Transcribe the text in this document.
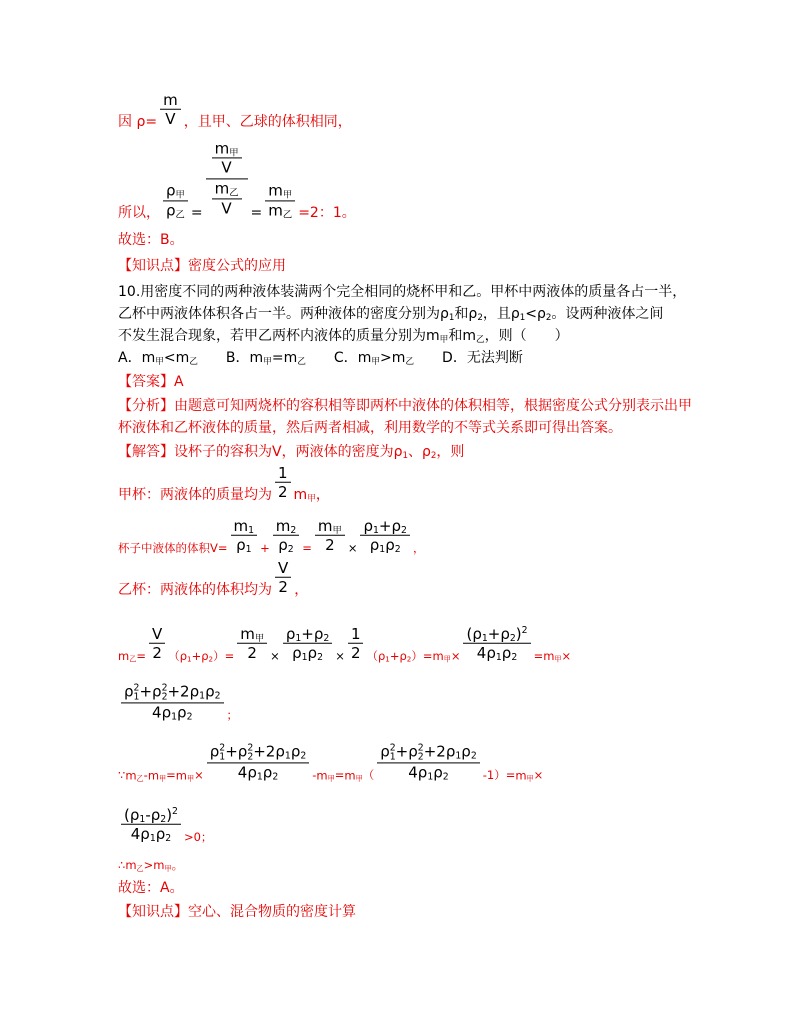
因 $\rho= \frac{m}{V}$ ，且甲、乙球的体积相同，
所以， $\frac{\text{ρ甲}}{\text{ρ乙}} = \frac{\frac{\text{m甲}}{V}}{\frac{\text{m乙}}{V}} = \frac{\text{m甲}}{\text{m乙}} =2$：1。
故选：B。
【知识点】密度公式的应用
10.用密度不同的两种液体装满两个完全相同的烧杯甲和乙。甲杯中两液体的质量各占一半，
乙杯中两液体体积各占一半。两种液体的密度分别为ρ1和ρ2，且ρ1<ρ2。设两种液体之间
不发生混合现象，若甲乙两杯内液体的质量分别为m甲和m乙，则（　　）
A．m甲<m乙　　B．m甲=m乙　　C．m甲>m乙　　D．无法判断
【答案】A
【分析】由题意可知两烧杯的容积相等即两杯中液体的体积相等，根据密度公式分别表示出甲
杯液体和乙杯液体的质量，然后两者相减，利用数学的不等式关系即可得出答案。
【解答】设杯子的容积为V，两液体的密度为ρ1、ρ2，则
甲杯：两液体的质量均为 $\frac{1}{2}$ m甲，
杯子中液体的体积$V= \frac{m1}{\rho 1} + \frac{m2}{\rho 2} = \frac{\text{m甲}}{2} \times \frac{\rho 1+\rho 2}{\rho 1\rho 2}$ ，
乙杯：两液体的体积均为 $\frac{V}{2}$ ，
m乙= $\frac{V}{2} (\rho 1+\rho 2)= \frac{\text{m甲}}{2} \times \frac{\rho 1+\rho 2}{\rho 1\rho 2} \times \frac{1}{2} (\rho 1+\rho 2)=m$甲× $\frac{(\rho 1+\rho 2)^2}{4\rho 1\rho 2} =m$甲×
ρ 2
1 +ρ 2
2 +2ρ1ρ2
4ρ1ρ2 ；
∵m乙-m甲=m甲× ρ 2
1 +ρ 2
2 +2ρ1ρ2
4ρ1ρ2 -m甲=m甲（ ρ 2
1 +ρ 2
2 +2ρ1ρ2
4ρ1ρ2 -1）=m甲×
$\frac{(\rho 1-\rho 2)^2}{4\rho 1\rho 2} >0$；
∴m乙>m甲。
故选：A。
【知识点】空心、混合物质的密度计算
